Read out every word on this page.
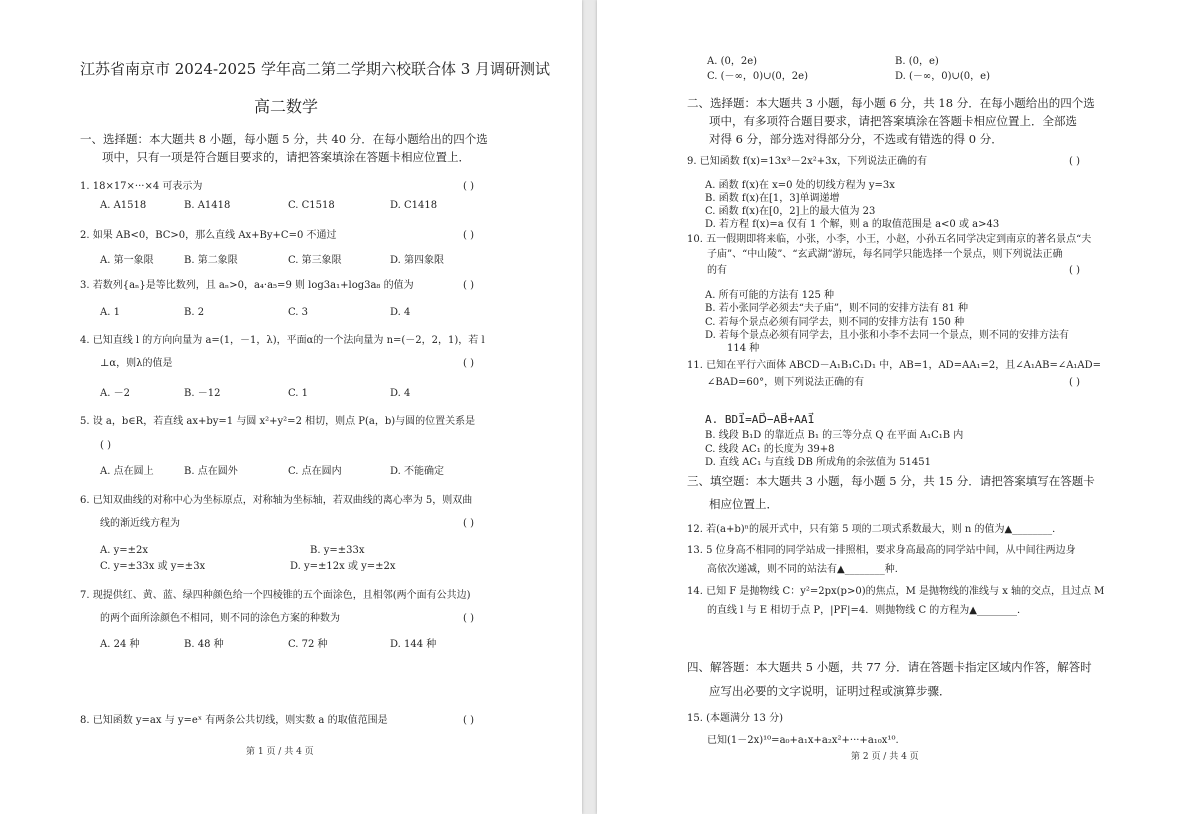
江苏省南京市 2024-2025 学年高二第二学期六校联合体 3 月调研测试
高二数学
一、选择题：本大题共 8 小题，每小题 5 分，共 40 分．在每小题给出的四个选
项中，只有一项是符合题目要求的，请把答案填涂在答题卡相应位置上．
1. 18×17×···×4 可表示为	( )
A. A1518	B. A1418	C. C1518	D. C1418
2. 如果 AB<0，BC>0，那么直线 Ax+By+C=0 不通过	( )
A. 第一象限	B. 第二象限	C. 第三象限	D. 第四象限
3. 若数列{aₙ}是等比数列，且 aₙ>0，a₄·a₅=9 则 log3a₁+log3a₈ 的值为	( )
A. 1	B. 2	C. 3	D. 4
4. 已知直线 l 的方向向量为 a=(1，－1，λ)，平面α的一个法向量为 n=(－2，2，1)，若 l
⊥α，则λ的值是	( )
A. －2	B. －12	C. 1	D. 4
5. 设 a，b∈R，若直线 ax+by=1 与圆 x²+y²=2 相切，则点 P(a，b)与圆的位置关系是
( )
A. 点在圆上	B. 点在圆外	C. 点在圆内	D. 不能确定
6. 已知双曲线的对称中心为坐标原点，对称轴为坐标轴，若双曲线的离心率为 5，则双曲
线的渐近线方程为	( )
A. y=±2x	B. y=±33x
C. y=±33x 或 y=±3x	D. y=±12x 或 y=±2x
7. 现提供红、黄、蓝、绿四种颜色给一个四棱锥的五个面涂色，且相邻(两个面有公共边)
的两个面所涂颜色不相同，则不同的涂色方案的种数为	( )
A. 24 种	B. 48 种	C. 72 种	D. 144 种
8. 已知函数 y=ax 与 y=eˣ 有两条公共切线，则实数 a 的取值范围是	( )
第 1 页 / 共 4 页
A. (0，2e)	B. (0，e)
C. (－∞，0)∪(0，2e)	D. (－∞，0)∪(0，e)
二、选择题：本大题共 3 小题，每小题 6 分，共 18 分．在每小题给出的四个选
项中，有多项符合题目要求，请把答案填涂在答题卡相应位置上．全部选
对得 6 分，部分选对得部分分，不选或有错选的得 0 分．
9. 已知函数 f(x)=13x³－2x²+3x，下列说法正确的有	( )
A. 函数 f(x)在 x=0 处的切线方程为 y=3x
B. 函数 f(x)在[1，3]单调递增
C. 函数 f(x)在[0，2]上的最大值为 23
D. 若方程 f(x)=a 仅有 1 个解，则 a 的取值范围是 a<0 或 a>43
10. 五一假期即将来临，小张，小李，小王，小赵，小孙五名同学决定到南京的著名景点“夫
子庙”、“中山陵”、“玄武湖”游玩，每名同学只能选择一个景点，则下列说法正确
的有	( )
A. 所有可能的方法有 125 种
B. 若小张同学必须去“夫子庙”，则不同的安排方法有 81 种
C. 若每个景点必须有同学去，则不同的安排方法有 150 种
D. 若每个景点必须有同学去，且小张和小李不去同一个景点，则不同的安排方法有
114 种
11. 已知在平行六面体 ABCD－A₁B₁C₁D₁ 中，AB=1，AD=AA₁=2，且∠A₁AB=∠A₁AD=
∠BAD=60°，则下列说法正确的有	( )
A. BD1⃗=AD⃗−AB⃗+AA1⃗
B. 线段 B₁D 的靠近点 B₁ 的三等分点 Q 在平面 A₁C₁B 内
C. 线段 AC₁ 的长度为 39+8
D. 直线 AC₁ 与直线 DB 所成角的余弦值为 51451
三、填空题：本大题共 3 小题，每小题 5 分，共 15 分．请把答案填写在答题卡
相应位置上．
12. 若(a+b)ⁿ的展开式中，只有第 5 项的二项式系数最大，则 n 的值为▲________．
13. 5 位身高不相同的同学站成一排照相，要求身高最高的同学站中间，从中间往两边身
高依次递减，则不同的站法有▲________种．
14. 已知 F 是抛物线 C：y²=2px(p>0)的焦点，M 是抛物线的准线与 x 轴的交点，且过点 M
的直线 l 与 E 相切于点 P，|PF|=4．则抛物线 C 的方程为▲________．
四、解答题：本大题共 5 小题，共 77 分．请在答题卡指定区域内作答，解答时
应写出必要的文字说明，证明过程或演算步骤．
15. (本题满分 13 分)
已知(1－2x)¹⁰=a₀+a₁x+a₂x²+···+a₁₀x¹⁰.
第 2 页 / 共 4 页
